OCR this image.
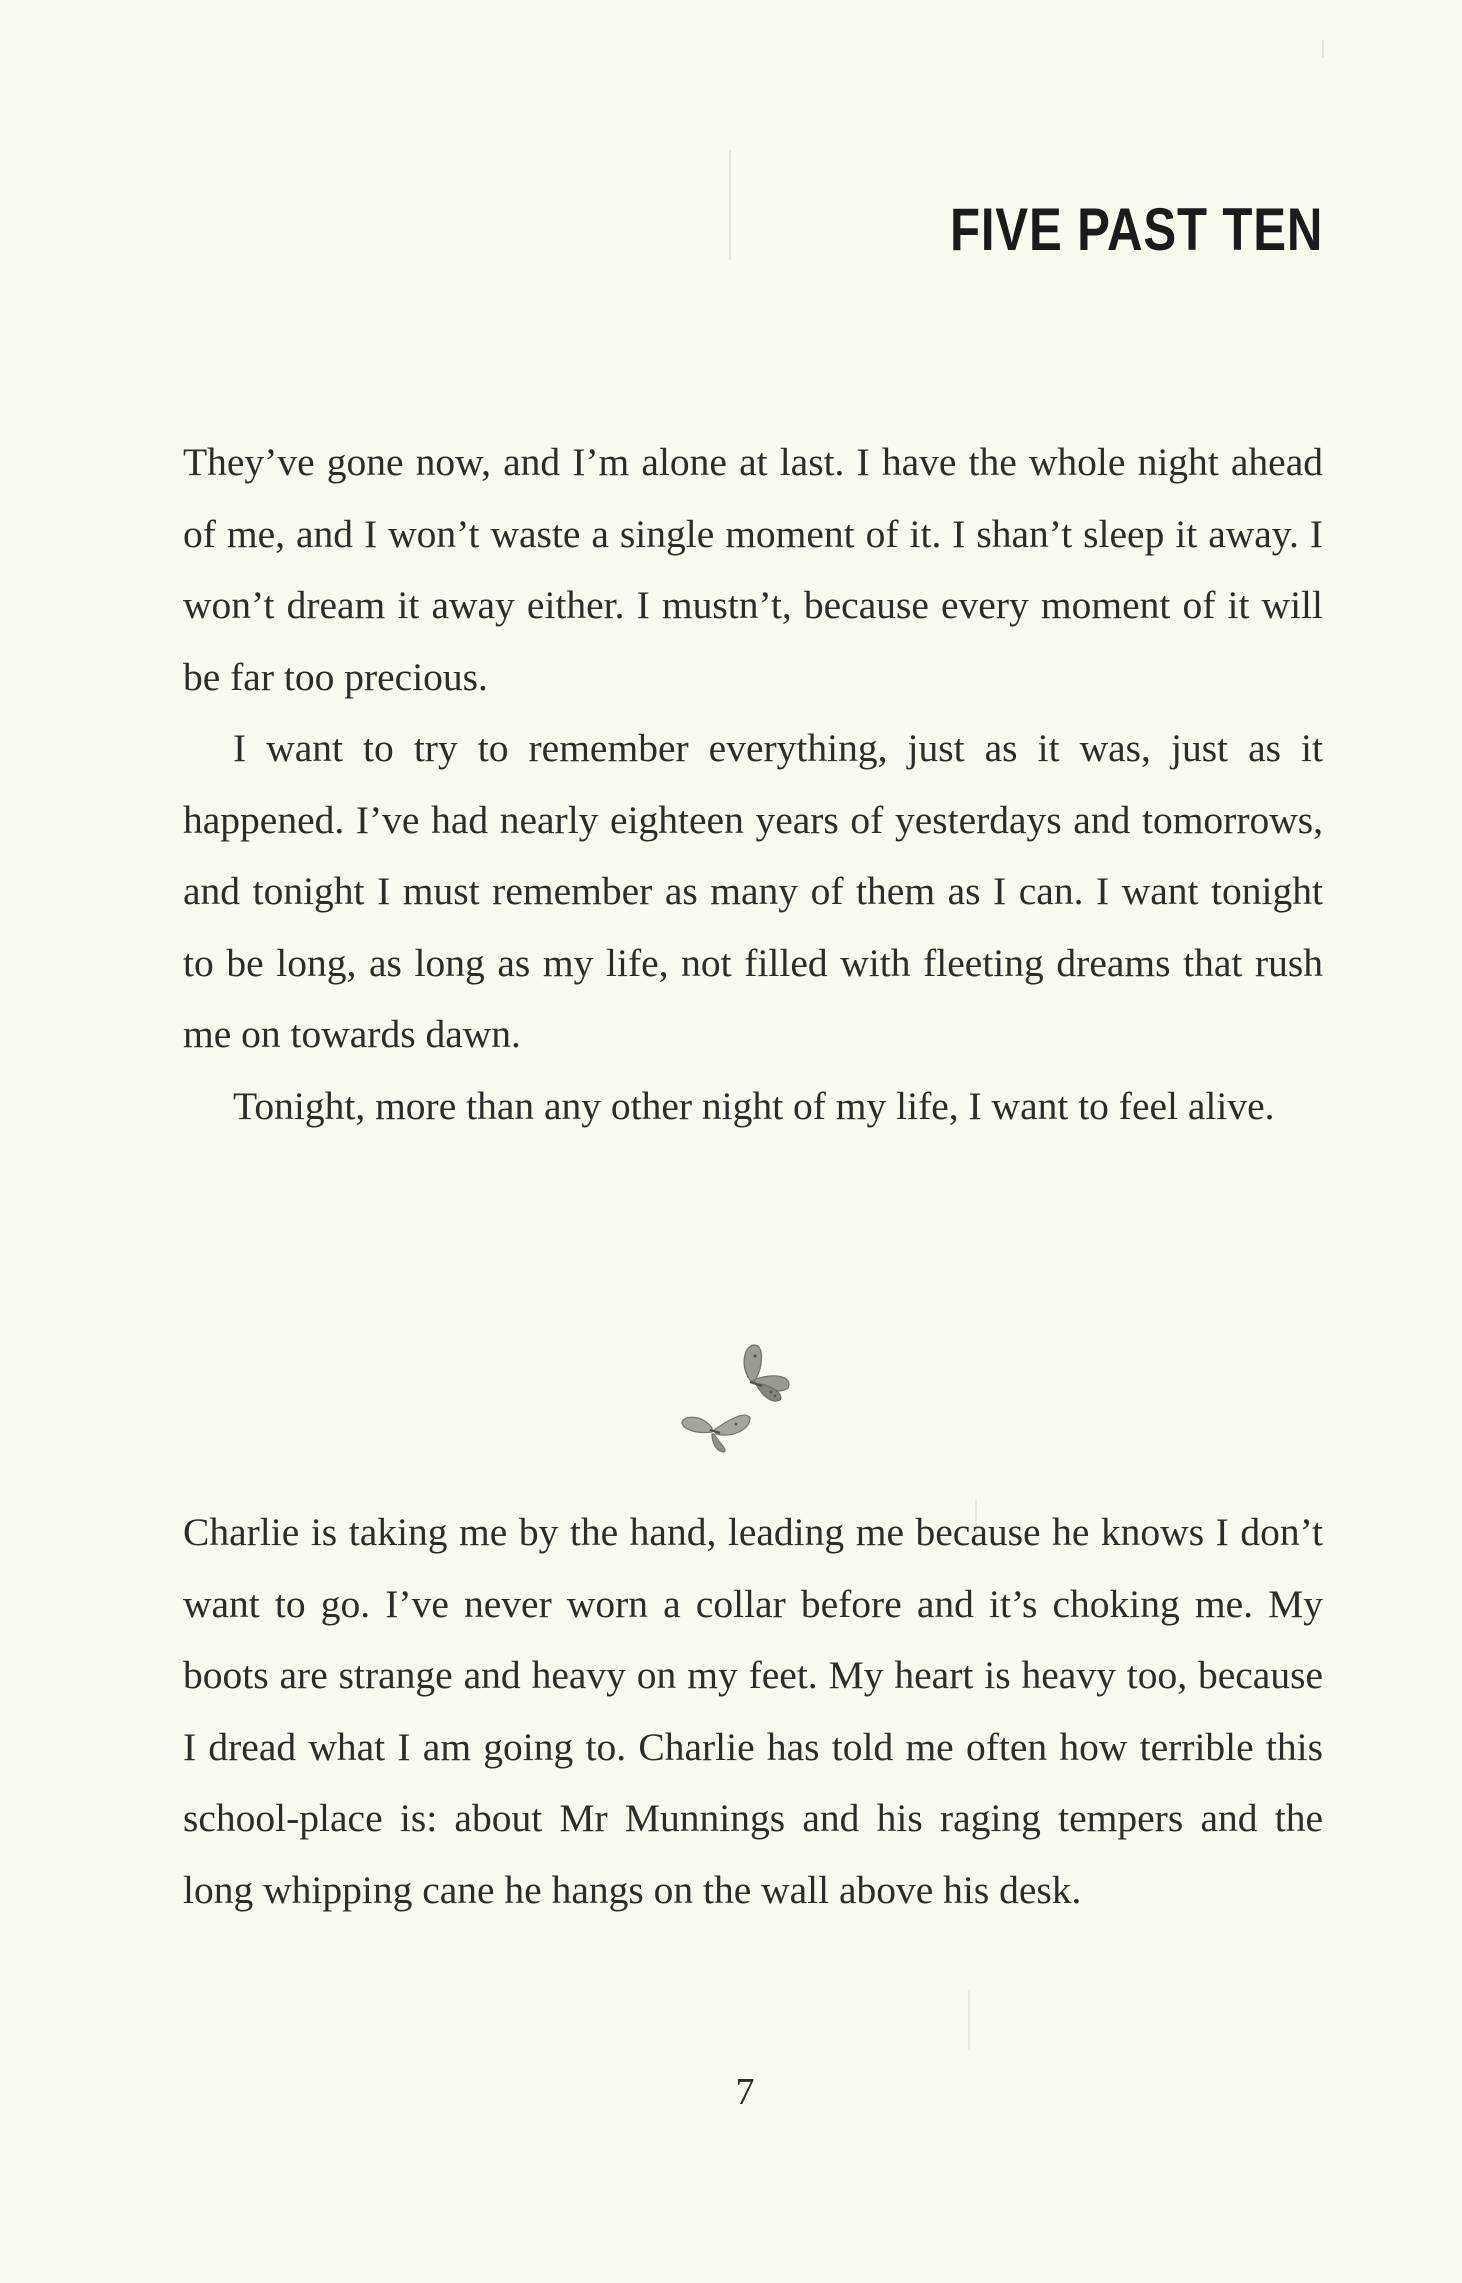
FIVE PAST TEN

They’ve gone now, and I’m alone at last. I have the whole night ahead of me, and I won’t waste a single moment of it. I shan’t sleep it away. I won’t dream it away either. I mustn’t, because every moment of it will be far too precious.

I want to try to remember everything, just as it was, just as it happened. I’ve had nearly eighteen years of yesterdays and tomorrows, and tonight I must remember as many of them as I can. I want tonight to be long, as long as my life, not filled with fleeting dreams that rush me on towards dawn.

Tonight, more than any other night of my life, I want to feel alive.

Charlie is taking me by the hand, leading me because he knows I don’t want to go. I’ve never worn a collar before and it’s choking me. My boots are strange and heavy on my feet. My heart is heavy too, because I dread what I am going to. Charlie has told me often how terrible this school-place is: about Mr Munnings and his raging tempers and the long whipping cane he hangs on the wall above his desk.

7
